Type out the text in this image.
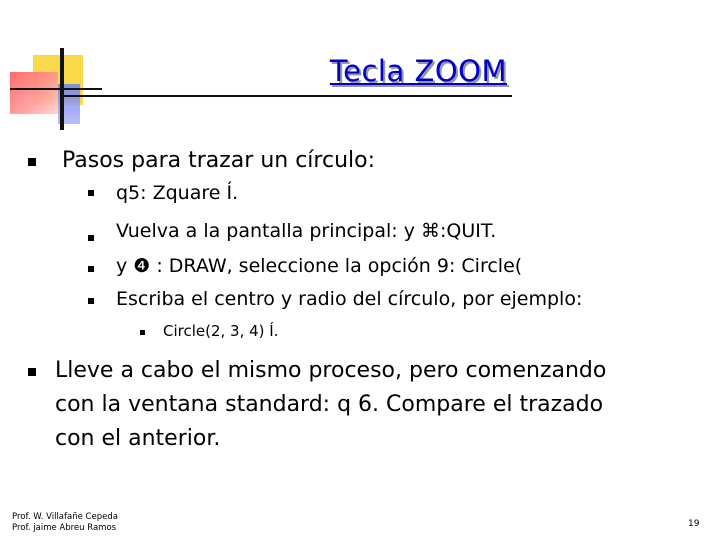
Tecla ZOOM
Pasos para trazar un círculo:
q5: Zquare Í.
Vuelva a la pantalla principal: y ⌘:QUIT.
y ❹ : DRAW, seleccione la opción 9: Circle(
Escriba el centro y radio del círculo, por ejemplo:
Circle(2, 3, 4) Í.
Lleve a cabo el mismo proceso, pero comenzando
con la ventana standard: q 6. Compare el trazado
con el anterior.
Prof. W. Villafañe Cepeda
Prof. jaime Abreu Ramos	19
